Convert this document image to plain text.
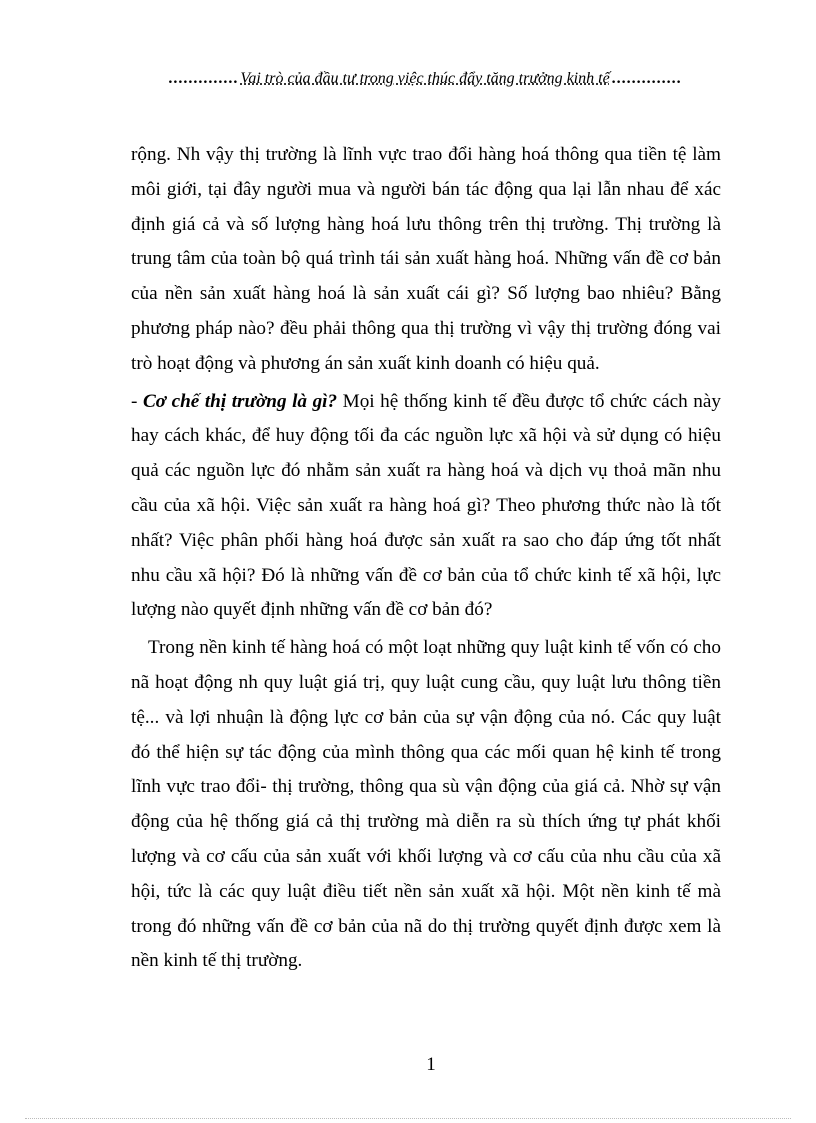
.............. Vai trò của đầu tư trong việc thúc đẩy tăng trưởng kinh tế ..............

rộng. Nh vậy thị trường là lĩnh vực trao đổi hàng hoá thông qua tiền tệ làm môi giới, tại đây người mua và người bán tác động qua lại lẫn nhau để xác định giá cả và số lượng hàng hoá lưu thông trên thị trường. Thị trường là trung tâm của toàn bộ quá trình tái sản xuất hàng hoá. Những vấn đề cơ bản của nền sản xuất hàng hoá là sản xuất cái gì? Số lượng bao nhiêu? Bằng phương pháp nào? đều phải thông qua thị trường vì vậy thị trường đóng vai trò hoạt động và phương án sản xuất kinh doanh có hiệu quả.

- Cơ chế thị trường là gì? Mọi hệ thống kinh tế đều được tổ chức cách này hay cách khác, để huy động tối đa các nguồn lực xã hội và sử dụng có hiệu quả các nguồn lực đó nhằm sản xuất ra hàng hoá và dịch vụ thoả mãn nhu cầu của xã hội. Việc sản xuất ra hàng hoá gì? Theo phương thức nào là tốt nhất? Việc phân phối hàng hoá được sản xuất ra sao cho đáp ứng tốt nhất nhu cầu xã hội? Đó là những vấn đề cơ bản của tổ chức kinh tế xã hội, lực lượng nào quyết định những vấn đề cơ bản đó?

Trong nền kinh tế hàng hoá có một loạt những quy luật kinh tế vốn có cho nã hoạt động nh quy luật giá trị, quy luật cung cầu, quy luật lưu thông tiền tệ... và lợi nhuận là động lực cơ bản của sự vận động của nó. Các quy luật đó thể hiện sự tác động của mình thông qua các mối quan hệ kinh tế trong lĩnh vực trao đổi- thị trường, thông qua sù vận động của giá cả. Nhờ sự vận động của hệ thống giá cả thị trường mà diễn ra sù thích ứng tự phát khối lượng và cơ cấu của sản xuất với khối lượng và cơ cấu của nhu cầu của xã hội, tức là các quy luật điều tiết nền sản xuất xã hội. Một nền kinh tế mà trong đó những vấn đề cơ bản của nã do thị trường quyết định được xem là nền kinh tế thị trường.

1
